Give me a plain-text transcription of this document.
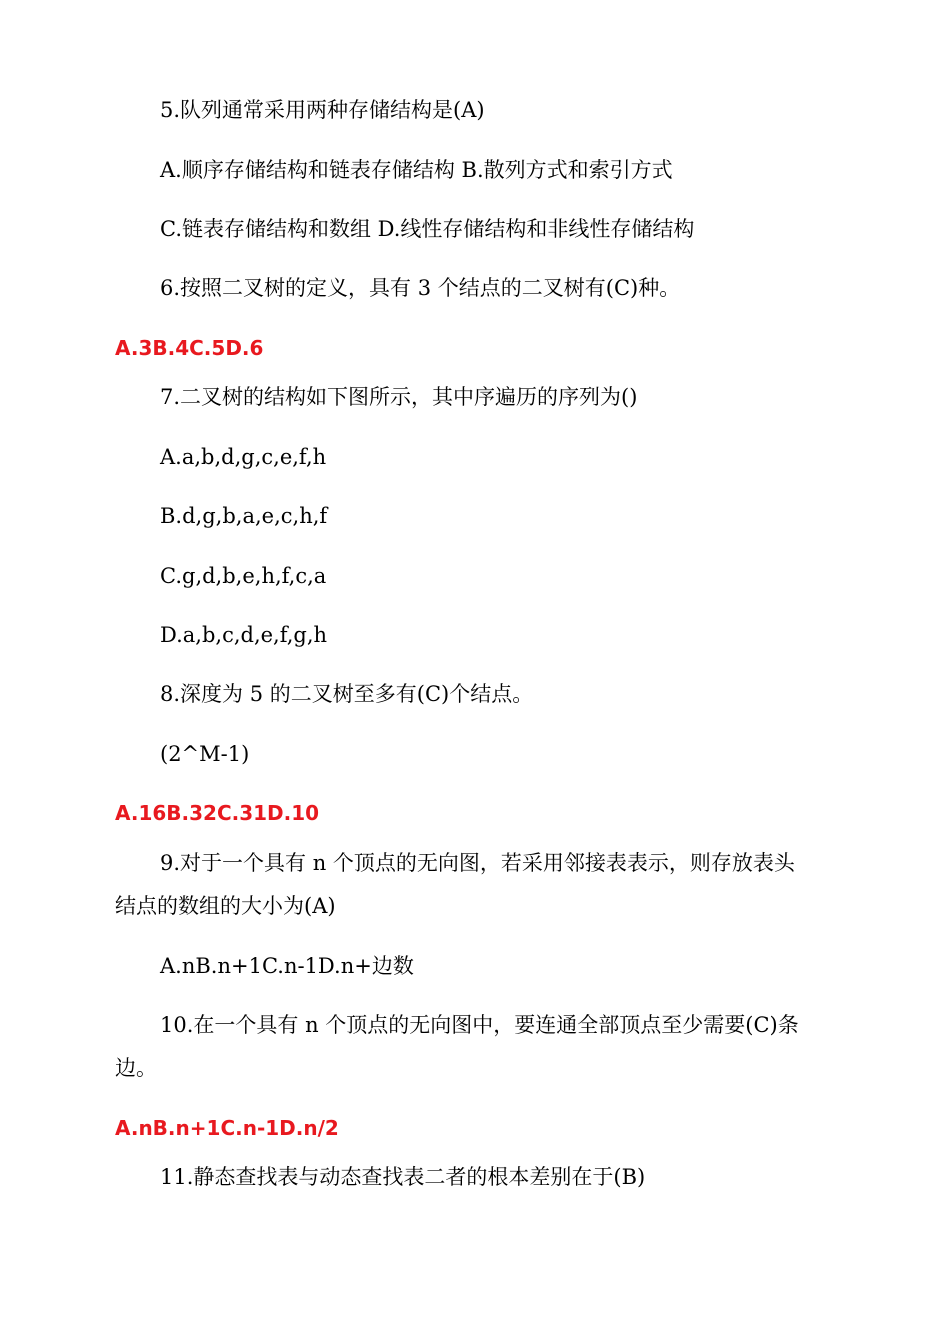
5.队列通常采用两种存储结构是(A)
A.顺序存储结构和链表存储结构 B.散列方式和索引方式
C.链表存储结构和数组 D.线性存储结构和非线性存储结构
6.按照二叉树的定义，具有 3 个结点的二叉树有(C)种。
A.3B.4C.5D.6
7.二叉树的结构如下图所示，其中序遍历的序列为()
A.a,b,d,g,c,e,f,h
B.d,g,b,a,e,c,h,f
C.g,d,b,e,h,f,c,a
D.a,b,c,d,e,f,g,h
8.深度为 5 的二叉树至多有(C)个结点。
(2^M-1)
A.16B.32C.31D.10
9.对于一个具有 n 个顶点的无向图，若采用邻接表表示，则存放表头
结点的数组的大小为(A)
A.nB.n+1C.n-1D.n+边数
10.在一个具有 n 个顶点的无向图中，要连通全部顶点至少需要(C)条
边。
A.nB.n+1C.n-1D.n/2
11.静态查找表与动态查找表二者的根本差别在于(B)
